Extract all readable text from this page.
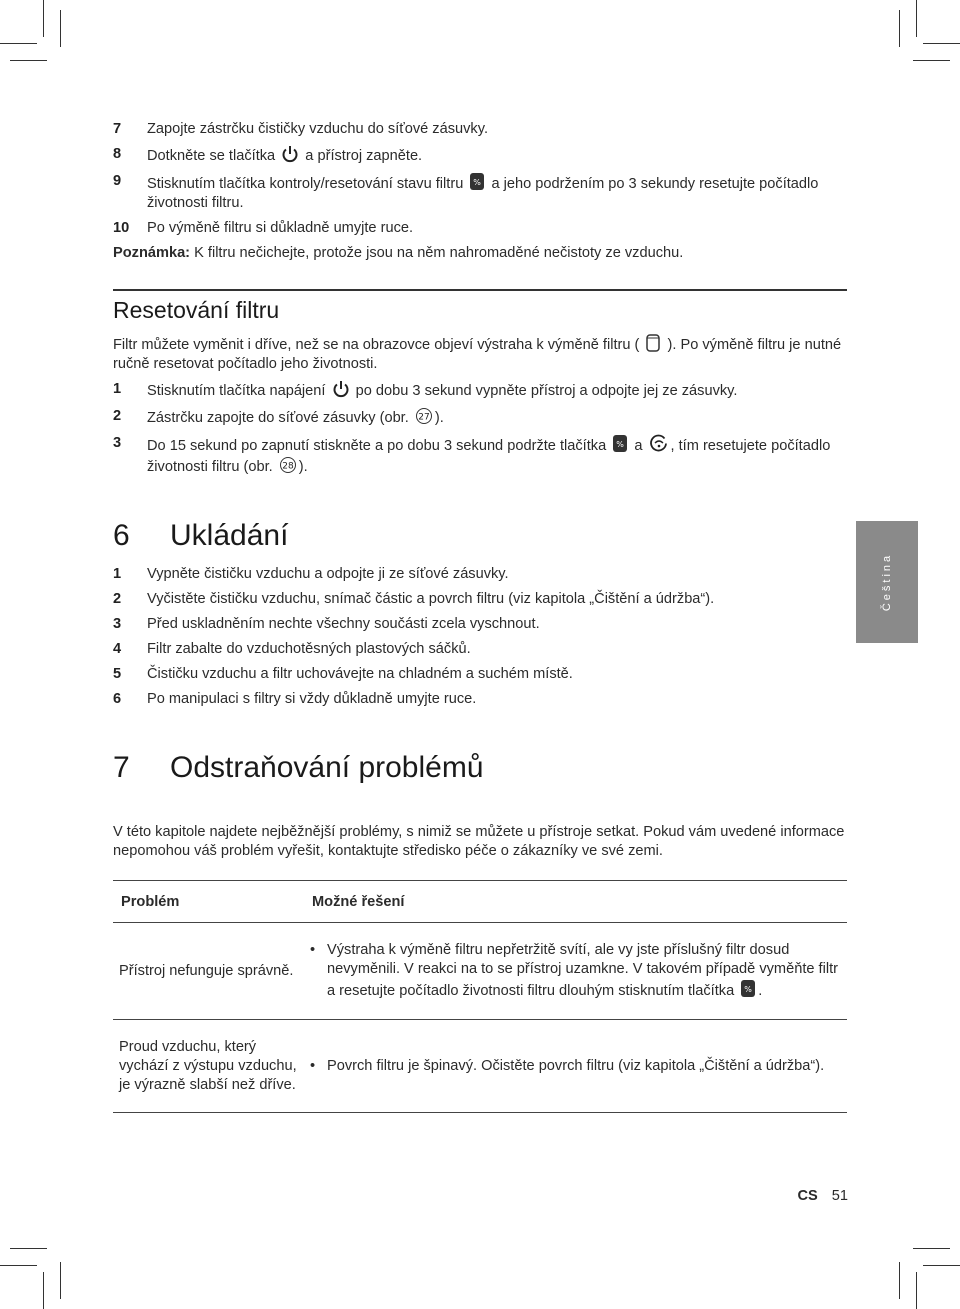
7	Zapojte zástrčku čističky vzduchu do síťové zásuvky.
8	Dotkněte se tlačítka a přístroj zapněte.
9	Stisknutím tlačítka kontroly/resetování stavu filtru % a jeho podržením po 3 sekundy resetujte počítadlo životnosti filtru.
10	Po výměně filtru si důkladně umyjte ruce.
Poznámka: K filtru nečichejte, protože jsou na něm nahromaděné nečistoty ze vzduchu.
Resetování filtru
Filtr můžete vyměnit i dříve, než se na obrazovce objeví výstraha k výměně filtru ( ). Po výměně filtru je nutné ručně resetovat počítadlo jeho životnosti.
1	Stisknutím tlačítka napájení po dobu 3 sekund vypněte přístroj a odpojte jej ze zásuvky.
2	Zástrčku zapojte do síťové zásuvky (obr. 27 ).
3	Do 15 sekund po zapnutí stiskněte a po dobu 3 sekund podržte tlačítka % a , tím resetujete počítadlo životnosti filtru (obr. 28 ).
6	Ukládání
1	Vypněte čističku vzduchu a odpojte ji ze síťové zásuvky.
2	Vyčistěte čističku vzduchu, snímač částic a povrch filtru (viz kapitola „Čištění a údržba“).
3	Před uskladněním nechte všechny součásti zcela vyschnout.
4	Filtr zabalte do vzduchotěsných plastových sáčků.
5	Čističku vzduchu a filtr uchovávejte na chladném a suchém místě.
6	Po manipulaci s filtry si vždy důkladně umyjte ruce.
7	Odstraňování problémů
V této kapitole najdete nejběžnější problémy, s nimiž se můžete u přístroje setkat. Pokud vám uvedené informace nepomohou váš problém vyřešit, kontaktujte středisko péče o zákazníky ve své zemi.
Problém	Možné řešení
Přístroj nefunguje správně.	• Výstraha k výměně filtru nepřetržitě svítí, ale vy jste příslušný filtr dosud nevyměnili. V reakci na to se přístroj uzamkne. V takovém případě vyměňte filtr a resetujte počítadlo životnosti filtru dlouhým stisknutím tlačítka % .

Proud vzduchu, který vychází z výstupu vzduchu, je výrazně slabší než dříve.	• Povrch filtru je špinavý. Očistěte povrch filtru (viz kapitola „Čištění a údržba“).
Čeština
CS 51
